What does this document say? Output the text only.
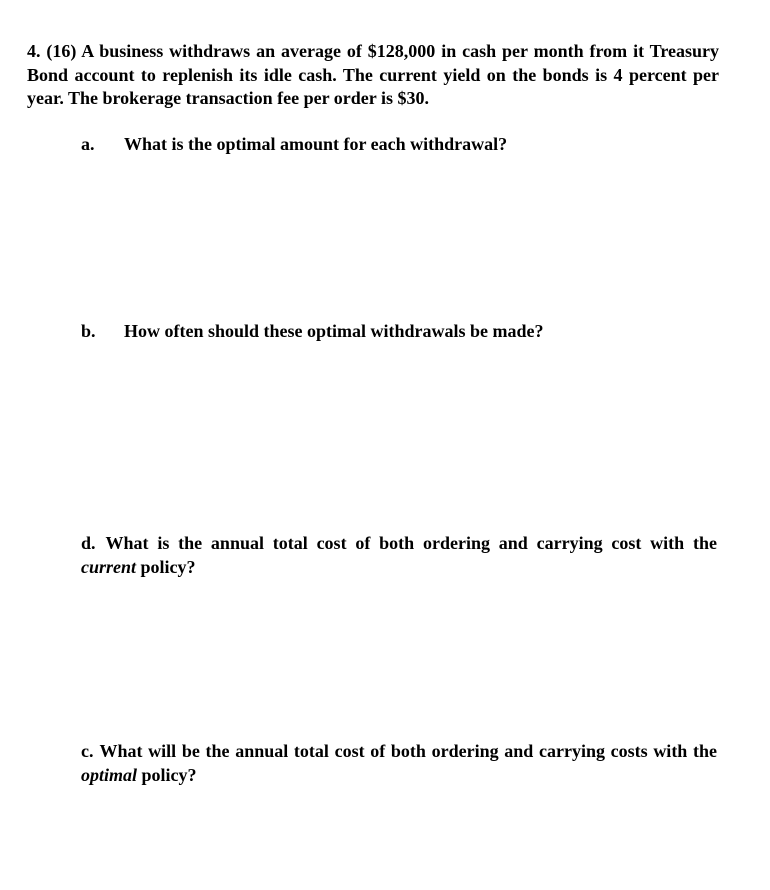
4. (16) A business withdraws an average of $128,000 in cash per month from it Treasury Bond account to replenish its idle cash. The current yield on the bonds is 4 percent per year. The brokerage transaction fee per order is $30.

a. What is the optimal amount for each withdrawal?
b. How often should these optimal withdrawals be made?
d. What is the annual total cost of both ordering and carrying cost with the current policy?
c. What will be the annual total cost of both ordering and carrying costs with the optimal policy?
